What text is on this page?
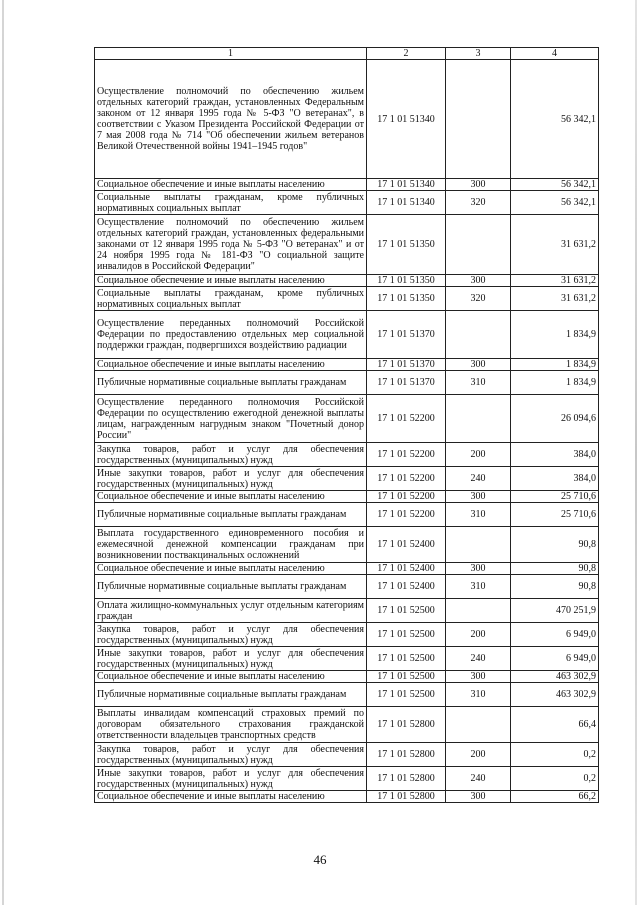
1	2	3	4
Осуществление полномочий по обеспечению жильем отдельных категорий граждан, установленных Федеральным законом от 12 января 1995 года № 5-ФЗ "О ветеранах", в соответствии с Указом Президента Российской Федерации от 7 мая 2008 года № 714 "Об обеспечении жильем ветеранов Великой Отечественной войны 1941–1945 годов"	17 1 01 51340		56 342,1
Социальное обеспечение и иные выплаты населению	17 1 01 51340	300	56 342,1
Социальные выплаты гражданам, кроме публичных нормативных социальных выплат	17 1 01 51340	320	56 342,1
Осуществление полномочий по обеспечению жильем отдельных категорий граждан, установленных федеральными законами от 12 января 1995 года № 5-ФЗ "О ветеранах" и от 24 ноября 1995 года № 181-ФЗ "О социальной защите инвалидов в Российской Федерации"	17 1 01 51350		31 631,2
Социальное обеспечение и иные выплаты населению	17 1 01 51350	300	31 631,2
Социальные выплаты гражданам, кроме публичных нормативных социальных выплат	17 1 01 51350	320	31 631,2
Осуществление переданных полномочий Российской Федерации по предоставлению отдельных мер социальной поддержки граждан, подвергшихся воздействию радиации	17 1 01 51370		1 834,9
Социальное обеспечение и иные выплаты населению	17 1 01 51370	300	1 834,9
Публичные нормативные социальные выплаты гражданам	17 1 01 51370	310	1 834,9
Осуществление переданного полномочия Российской Федерации по осуществлению ежегодной денежной выплаты лицам, награжденным нагрудным знаком "Почетный донор России"	17 1 01 52200		26 094,6
Закупка товаров, работ и услуг для обеспечения государственных (муниципальных) нужд	17 1 01 52200	200	384,0
Иные закупки товаров, работ и услуг для обеспечения государственных (муниципальных) нужд	17 1 01 52200	240	384,0
Социальное обеспечение и иные выплаты населению	17 1 01 52200	300	25 710,6
Публичные нормативные социальные выплаты гражданам	17 1 01 52200	310	25 710,6
Выплата государственного единовременного пособия и ежемесячной денежной компенсации гражданам при возникновении поствакцинальных осложнений	17 1 01 52400		90,8
Социальное обеспечение и иные выплаты населению	17 1 01 52400	300	90,8
Публичные нормативные социальные выплаты гражданам	17 1 01 52400	310	90,8
Оплата жилищно-коммунальных услуг отдельным категориям граждан	17 1 01 52500		470 251,9
Закупка товаров, работ и услуг для обеспечения государственных (муниципальных) нужд	17 1 01 52500	200	6 949,0
Иные закупки товаров, работ и услуг для обеспечения государственных (муниципальных) нужд	17 1 01 52500	240	6 949,0
Социальное обеспечение и иные выплаты населению	17 1 01 52500	300	463 302,9
Публичные нормативные социальные выплаты гражданам	17 1 01 52500	310	463 302,9
Выплаты инвалидам компенсаций страховых премий по договорам обязательного страхования гражданской ответственности владельцев транспортных средств	17 1 01 52800		66,4
Закупка товаров, работ и услуг для обеспечения государственных (муниципальных) нужд	17 1 01 52800	200	0,2
Иные закупки товаров, работ и услуг для обеспечения государственных (муниципальных) нужд	17 1 01 52800	240	0,2
Социальное обеспечение и иные выплаты населению	17 1 01 52800	300	66,2
46
